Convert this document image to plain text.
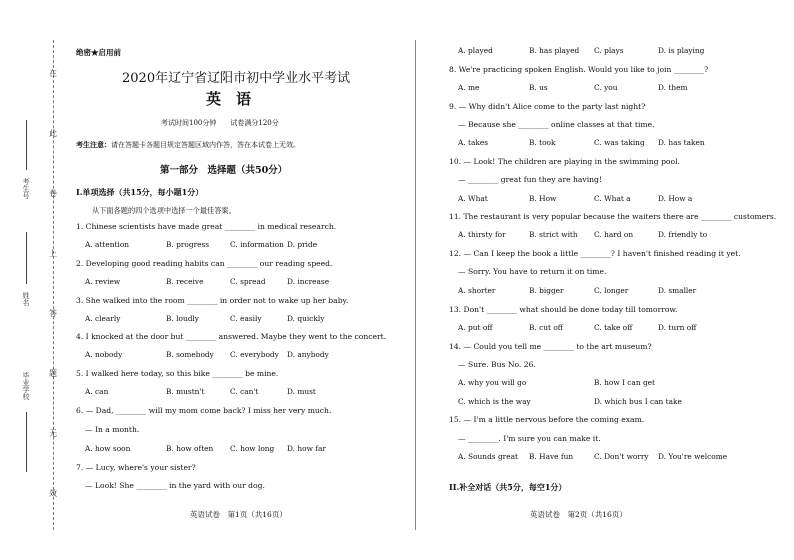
在
此
卷
上
答
题
无
效
考生号
姓名
毕业学校
绝密★启用前
2020年辽宁省辽阳市初中学业水平考试
英　语
考试时间100分钟　　试卷满分120分
考生注意：请在答题卡各题目规定答题区域内作答，答在本试卷上无效。
第一部分　选择题（共50分）
I.单项选择（共15分，每小题1分）
从下面各题的四个选项中选择一个最佳答案。
1. Chinese scientists have made great ________ in medical research.
A. attention	B. progress	C. information D. pride
2. Developing good reading habits can ________ our reading speed.
A. review	B. receive	C. spread	D. increase
3. She walked into the room ________ in order not to wake up her baby.
A. clearly	B. loudly	C. easily	D. quickly
4. I knocked at the door but ________ answered. Maybe they went to the concert.
A. nobody	B. somebody C. everybody D. anybody
5. I walked here today, so this bike ________ be mine.
A. can	B. mustn't	C. can't	D. must
6. — Dad, ________ will my mom come back? I miss her very much.
— In a month.
A. how soon	B. how often C. how long D. how far
7. — Lucy, where's your sister?
— Look! She ________ in the yard with our dog.
英语试卷　第1页（共16页）
A. played	B. has played C. plays	D. is playing
8. We're practicing spoken English. Would you like to join ________?
A. me	B. us	C. you	D. them
9. — Why didn't Alice come to the party last night?
— Because she ________ online classes at that time.
A. takes	B. took	C. was taking D. has taken
10. — Look! The children are playing in the swimming pool.
— ________ great fun they are having!
A. What	B. How	C. What a	D. How a
11. The restaurant is very popular because the waiters there are ________ customers.
A. thirsty for	B. strict with C. hard on	D. friendly to
12. — Can I keep the book a little ________? I haven't finished reading it yet.
— Sorry. You have to return it on time.
A. shorter	B. bigger	C. longer	D. smaller
13. Don't ________ what should be done today till tomorrow.
A. put off	B. cut off	C. take off	D. turn off
14. — Could you tell me ________ to the art museum?
— Sure. Bus No. 26.
A. why you will go	B. how I can get
C. which is the way	D. which bus I can take
15. — I'm a little nervous before the coming exam.
— ________. I'm sure you can make it.
A. Sounds great B. Have fun	C. Don't worry D. You're welcome
II.补全对话（共5分，每空1分）
英语试卷　第2页（共16页）
